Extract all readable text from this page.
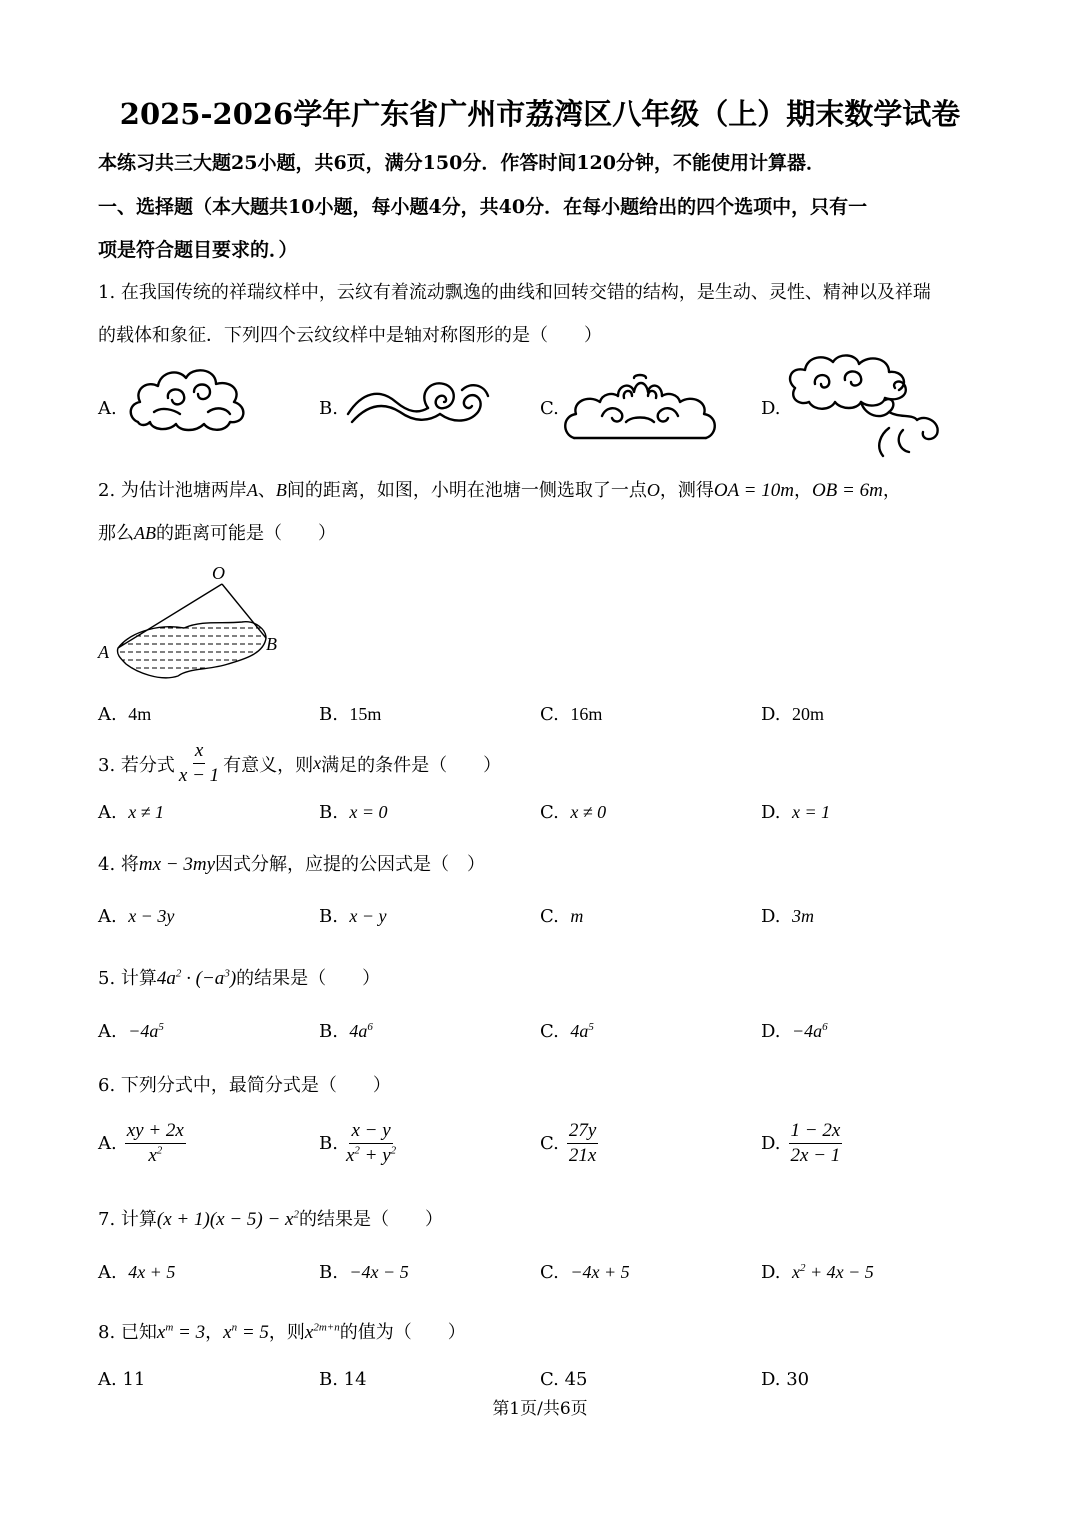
2025-2026学年广东省广州市荔湾区八年级（上）期末数学试卷
本练习共三大题25小题，共6页，满分150分．作答时间120分钟，不能使用计算器．
一、选择题（本大题共10小题，每小题4分，共40分．在每小题给出的四个选项中，只有一
项是符合题目要求的．）
1. 在我国传统的祥瑞纹样中，云纹有着流动飘逸的曲线和回转交错的结构，是生动、灵性、精神以及祥瑞
的载体和象征．下列四个云纹纹样中是轴对称图形的是（　　）
A.	B.	C.	D.
2. 为估计池塘两岸A、B间的距离，如图，小明在池塘一侧选取了一点O，测得OA = 10m，OB = 6m，
那么AB的距离可能是（　　）
O
A	B
A. 4m	B. 15m	C. 16m	D. 20m
3. 若分式 $\frac{x}{x - 1}$ 有意义，则 x 满足的条件是（　　）
A. x ≠ 1	B. x = 0	C. x ≠ 0	D. x = 1
4. 将mx − 3my因式分解，应提的公因式是（　）
A. x − 3y	B. x − y	C. m	D. 3m
5. 计算$4a^2 \cdot (-a^3)$的结果是（　　）
A. $-4a^5$	B. $4a^6$	C. $4a^5$	D. $-4a^6$
6. 下列分式中，最简分式是（　　）
A. $\frac{xy + 2x}{x^2}$	B. $\frac{x - y}{x^2 + y^2}$	C. $\frac{27y}{21x}$	D. $\frac{1 - 2x}{2x - 1}$
7. 计算$(x + 1)(x - 5) - x^2$的结果是（　　）
A. 4x + 5	B. −4x − 5	C. −4x + 5	D. $x^2 + 4x - 5$
8. 已知$x^m = 3$，$x^n = 5$，则$x^{2m+n}$的值为（　　）
A. 11	B. 14	C. 45	D. 30
第1页/共6页
